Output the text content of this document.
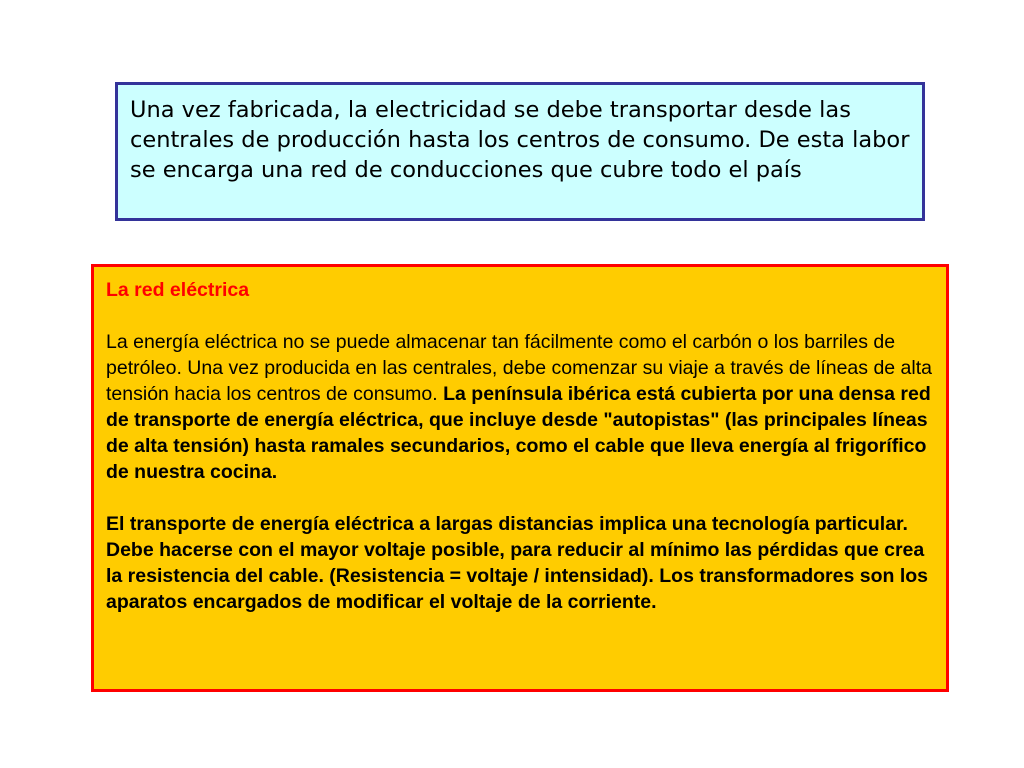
Una vez fabricada, la electricidad se debe transportar desde las centrales de producción hasta los centros de consumo. De esta labor se encarga una red de conducciones que cubre todo el país

La red eléctrica

La energía eléctrica no se puede almacenar tan fácilmente como el carbón o los barriles de petróleo. Una vez producida en las centrales, debe comenzar su viaje a través de líneas de alta tensión hacia los centros de consumo. La península ibérica está cubierta por una densa red de transporte de energía eléctrica, que incluye desde "autopistas" (las principales líneas de alta tensión) hasta ramales secundarios, como el cable que lleva energía al frigorífico de nuestra cocina.

El transporte de energía eléctrica a largas distancias implica una tecnología particular. Debe hacerse con el mayor voltaje posible, para reducir al mínimo las pérdidas que crea la resistencia del cable. (Resistencia = voltaje / intensidad). Los transformadores son los aparatos encargados de modificar el voltaje de la corriente.
